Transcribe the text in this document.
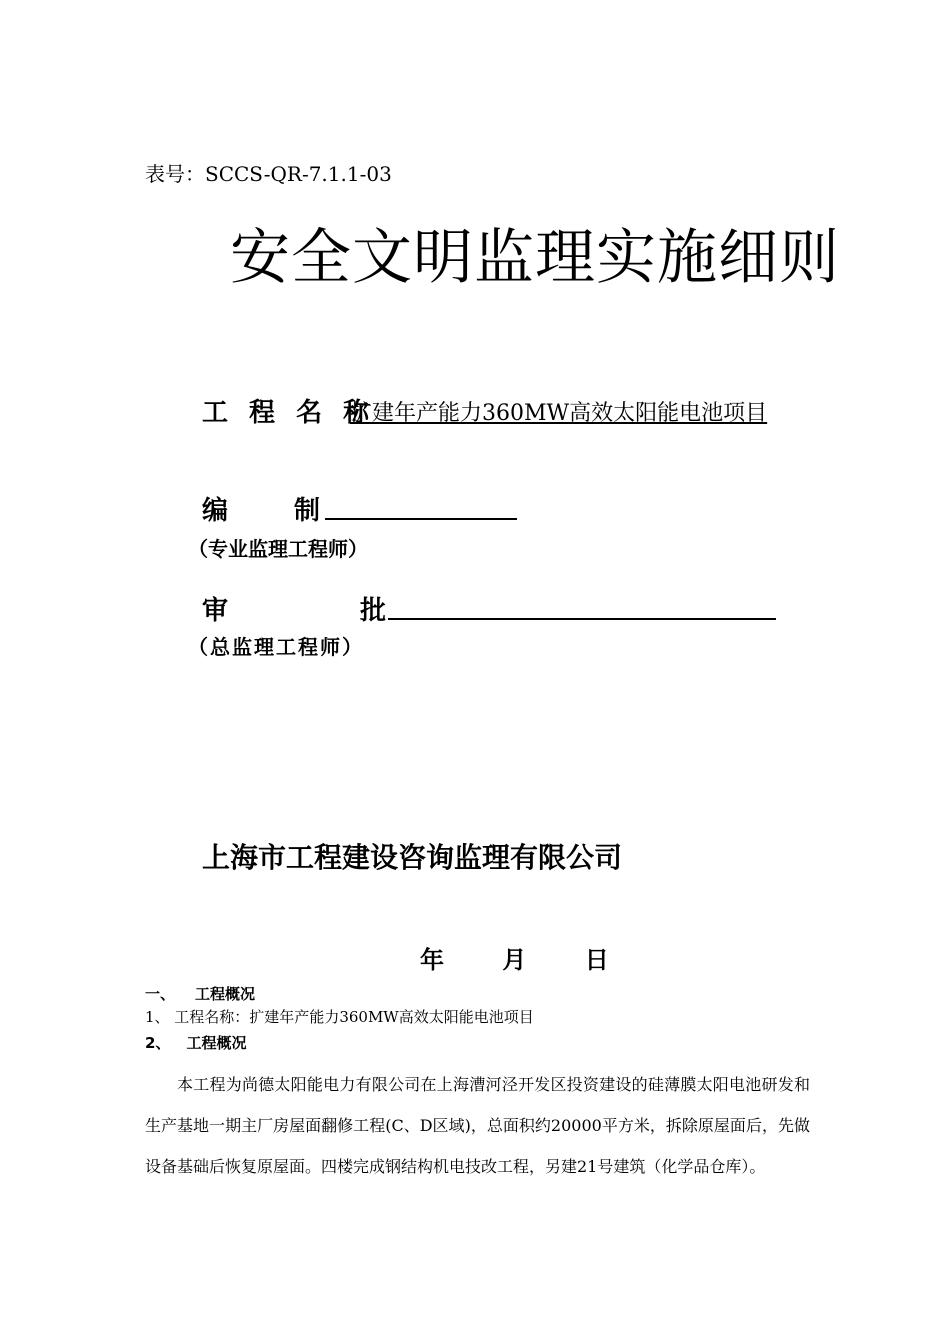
表号：SCCS-QR-7.1.1-03
安全文明监理实施细则
工 程 名 称
扩建年产能力360MW高效太阳能电池项目
编	制
（专业监理工程师）
审	批
（总监理工程师）
上海市工程建设咨询监理有限公司
年 月 日
一、 工程概况
1、 工程名称：扩建年产能力360MW高效太阳能电池项目
2、 工程概况
本工程为尚德太阳能电力有限公司在上海漕河泾开发区投资建设的硅薄膜太阳电池研发和生产基地一期主厂房屋面翻修工程(C、D区域)，总面积约20000平方米，拆除原屋面后，先做设备基础后恢复原屋面。四楼完成钢结构机电技改工程，另建21号建筑（化学品仓库）。
